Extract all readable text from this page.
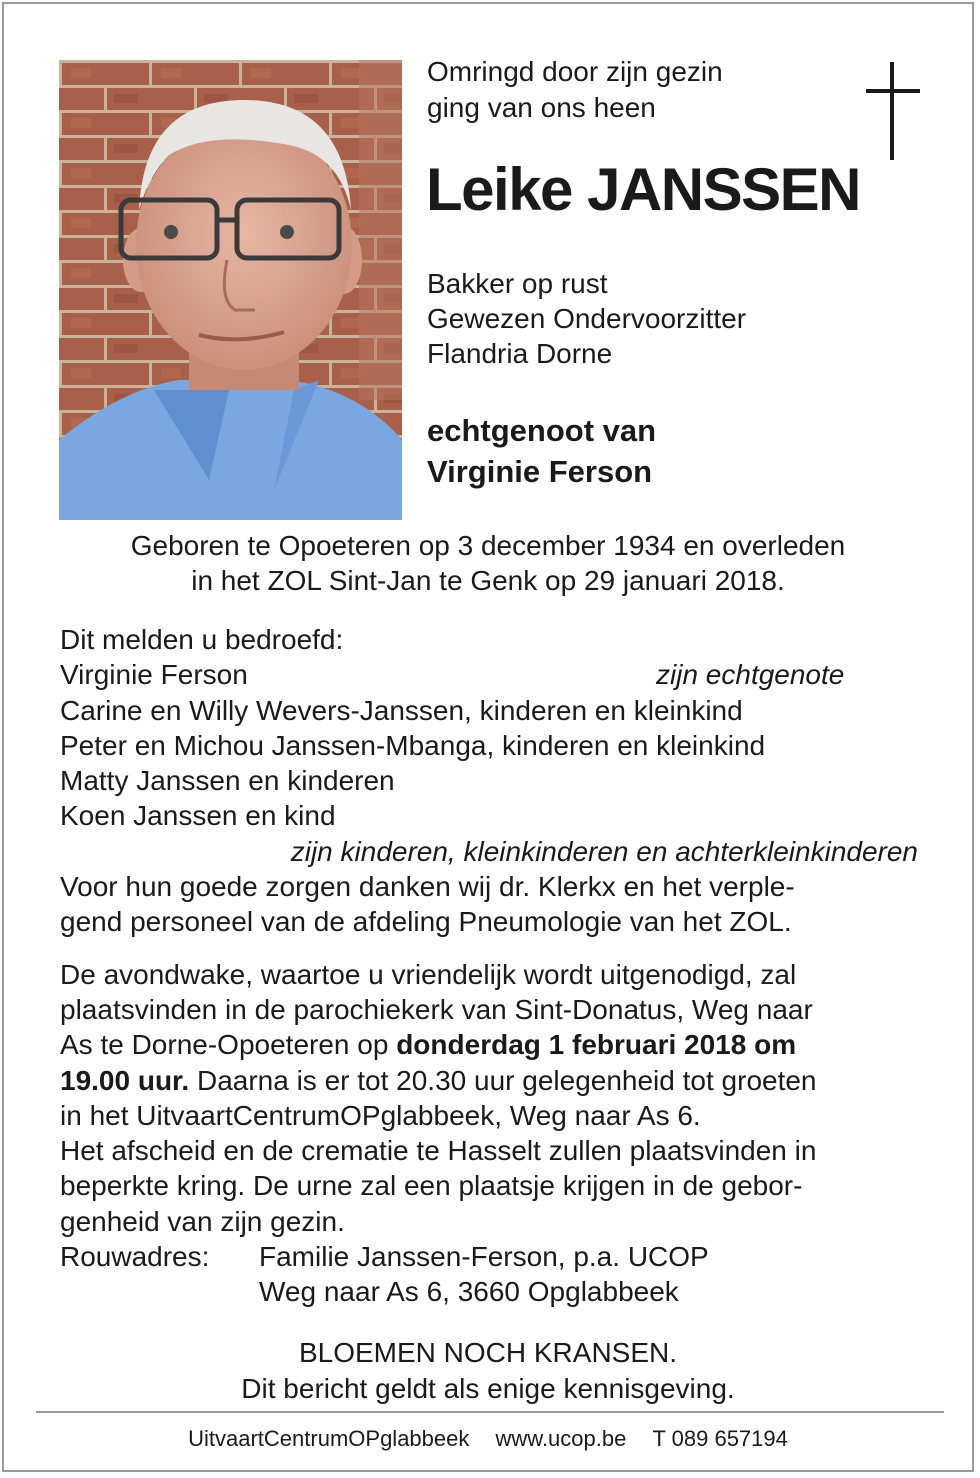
Omringd door zijn gezin
ging van ons heen
Leike JANSSEN
Bakker op rust
Gewezen Ondervoorzitter
Flandria Dorne
echtgenoot van
Virginie Ferson
Geboren te Opoeteren op 3 december 1934 en overleden
in het ZOL Sint-Jan te Genk op 29 januari 2018.
Dit melden u bedroefd:
Virginie Ferson	zijn echtgenote
Carine en Willy Wevers-Janssen, kinderen en kleinkind
Peter en Michou Janssen-Mbanga, kinderen en kleinkind
Matty Janssen en kinderen
Koen Janssen en kind
zijn kinderen, kleinkinderen en achterkleinkinderen
Voor hun goede zorgen danken wij dr. Klerkx en het verple-
gend personeel van de afdeling Pneumologie van het ZOL.
De avondwake, waartoe u vriendelijk wordt uitgenodigd, zal
plaatsvinden in de parochiekerk van Sint-Donatus, Weg naar
As te Dorne-Opoeteren op donderdag 1 februari 2018 om
19.00 uur. Daarna is er tot 20.30 uur gelegenheid tot groeten
in het UitvaartCentrumOPglabbeek, Weg naar As 6.
Het afscheid en de crematie te Hasselt zullen plaatsvinden in
beperkte kring. De urne zal een plaatsje krijgen in de gebor-
genheid van zijn gezin.
Rouwadres:	Familie Janssen-Ferson, p.a. UCOP
Weg naar As 6, 3660 Opglabbeek
BLOEMEN NOCH KRANSEN.
Dit bericht geldt als enige kennisgeving.
UitvaartCentrumOPglabbeek www.ucop.be T 089 657194
